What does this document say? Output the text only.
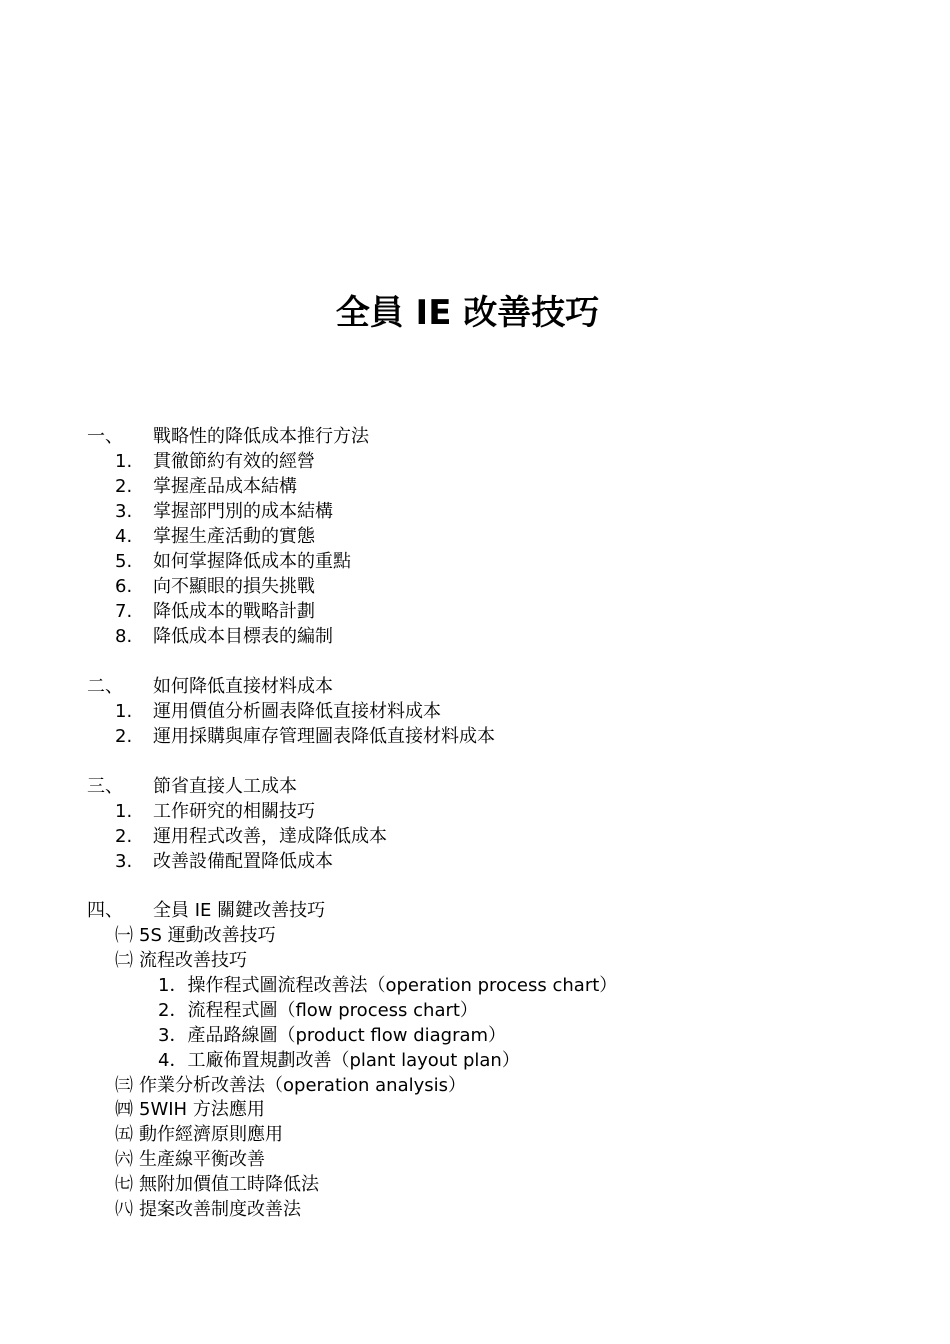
全員 IE 改善技巧
一、 戰略性的降低成本推行方法
1. 貫徹節約有效的經營
2. 掌握產品成本結構
3. 掌握部門別的成本結構
4. 掌握生產活動的實態
5. 如何掌握降低成本的重點
6. 向不顯眼的損失挑戰
7. 降低成本的戰略計劃
8. 降低成本目標表的編制
二、 如何降低直接材料成本
1. 運用價值分析圖表降低直接材料成本
2. 運用採購與庫存管理圖表降低直接材料成本
三、 節省直接人工成本
1. 工作研究的相關技巧
2. 運用程式改善，達成降低成本
3. 改善設備配置降低成本
四、 全員 IE 關鍵改善技巧
㈠ 5S 運動改善技巧
㈡ 流程改善技巧
1．操作程式圖流程改善法（operation process chart）
2．流程程式圖（flow process chart）
3．產品路線圖（product flow diagram）
4．工廠佈置規劃改善（plant layout plan）
㈢ 作業分析改善法（operation analysis）
㈣ 5WIH 方法應用
㈤ 動作經濟原則應用
㈥ 生產線平衡改善
㈦ 無附加價值工時降低法
㈧ 提案改善制度改善法
